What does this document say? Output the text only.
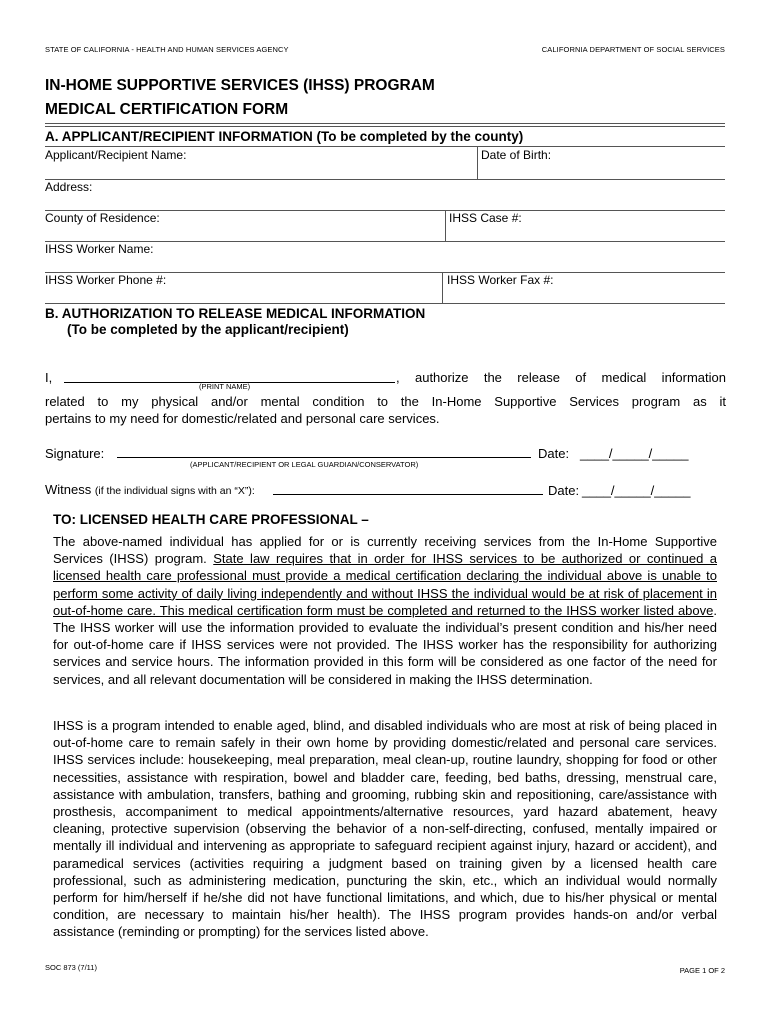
STATE OF CALIFORNIA - HEALTH AND HUMAN SERVICES AGENCY	CALIFORNIA DEPARTMENT OF SOCIAL SERVICES
IN-HOME SUPPORTIVE SERVICES (IHSS) PROGRAM
MEDICAL CERTIFICATION FORM
A. APPLICANT/RECIPIENT INFORMATION (To be completed by the county)
Applicant/Recipient Name:	Date of Birth:
Address:
County of Residence:	IHSS Case #:
IHSS Worker Name:
IHSS Worker Phone #:	IHSS Worker Fax #:
B. AUTHORIZATION TO RELEASE MEDICAL INFORMATION
(To be completed by the applicant/recipient)
I,
(PRINT NAME)
, authorize the release of medical information
related to my physical and/or mental condition to the In-Home Supportive Services program as it
pertains to my need for domestic/related and personal care services.
Signature:
(APPLICANT/RECIPIENT OR LEGAL GUARDIAN/CONSERVATOR)
Date: ____/_____/_____
Witness (if the individual signs with an “X”):	Date: ____/_____/_____
TO: LICENSED HEALTH CARE PROFESSIONAL –
The above-named individual has applied for or is currently receiving services from the In-Home Supportive Services (IHSS) program. State law requires that in order for IHSS services to be authorized or continued a licensed health care professional must provide a medical certification declaring the individual above is unable to perform some activity of daily living independently and without IHSS the individual would be at risk of placement in out-of-home care. This medical certification form must be completed and returned to the IHSS worker listed above. The IHSS worker will use the information provided to evaluate the individual’s present condition and his/her need for out-of-home care if IHSS services were not provided. The IHSS worker has the responsibility for authorizing services and service hours. The information provided in this form will be considered as one factor of the need for services, and all relevant documentation will be considered in making the IHSS determination.
IHSS is a program intended to enable aged, blind, and disabled individuals who are most at risk of being placed in out-of-home care to remain safely in their own home by providing domestic/related and personal care services. IHSS services include: housekeeping, meal preparation, meal clean-up, routine laundry, shopping for food or other necessities, assistance with respiration, bowel and bladder care, feeding, bed baths, dressing, menstrual care, assistance with ambulation, transfers, bathing and grooming, rubbing skin and repositioning, care/assistance with prosthesis, accompaniment to medical appointments/alternative resources, yard hazard abatement, heavy cleaning, protective supervision (observing the behavior of a non-self-directing, confused, mentally impaired or mentally ill individual and intervening as appropriate to safeguard recipient against injury, hazard or accident), and paramedical services (activities requiring a judgment based on training given by a licensed health care professional, such as administering medication, puncturing the skin, etc., which an individual would normally perform for him/herself if he/she did not have functional limitations, and which, due to his/her physical or mental condition, are necessary to maintain his/her health). The IHSS program provides hands-on and/or verbal assistance (reminding or prompting) for the services listed above.
SOC 873 (7/11)	PAGE 1 OF 2
